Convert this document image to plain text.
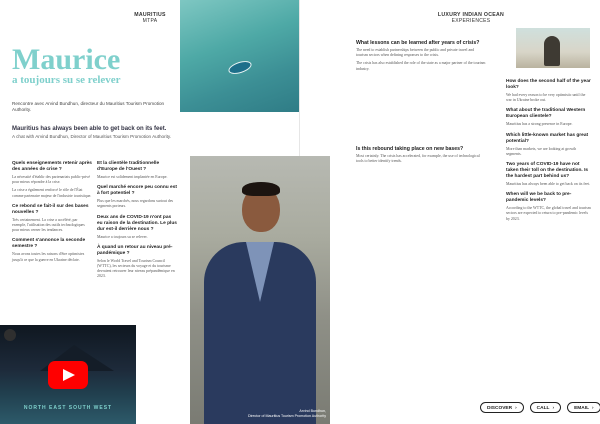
MAURITIUS
MTPA
Maurice
a toujours su se relever
Rencontre avec Arvind Bundhun, directeur du Mauritius Tourism Promotion Authority.
Mauritius has always been able to get back on its feet.
A chat with Arvind Bundhun, Director of Mauritius Tourism Promotion Authority.
Quels enseignements retenir après des années de crise ?

La nécessité d'établir des partenariats public-privé pour mieux répondre à la crise.

La crise a également renforcé le rôle de l'État comme partenaire majeur de l'industrie touristique.

Ce rebond se fait-il sur des bases nouvelles ?

Très certainement. La crise a accéléré, par exemple, l'utilisation des outils technologiques pour mieux cerner les tendances.

Comment s'annonce la seconde semestre ?

Nous avons toutes les raisons d'être optimistes jusqu'à ce que la guerre en Ukraine déclate.

Et la clientèle traditionnelle d'Europe de l'Ouest ?

Maurice est solidement implantée en Europe.

Quel marché encore peu connu est à fort potentiel ?

Plus que les marchés, nous regardons surtout des segments porteurs.

Deux ans de COVID-19 n'ont pas eu raison de la destination. Le plus dur est-il derrière nous ?

Maurice a toujours su se relever.

À quand un retour au niveau pré-pandémique ?

Selon le World Travel and Tourism Council (WTTC), les secteurs du voyage et du tourisme devraient retrouver leur niveau prépandémique en 2023.

NORTH EAST SOUTH WEST
LUXURY INDIAN OCEAN
EXPERIENCES
What lessons can be learned after years of crisis?

The need to establish partnerships between the public and private travel and tourism sectors when defining responses to the crisis.

The crisis has also established the role of the state as a major partner of the tourism industry.

Is this rebound taking place on new bases?

Most certainly. The crisis has accelerated, for example, the use of technological tools to better identify trends.

Arvind Bundhun,
Director of Mauritius Tourism Promotion Authority
How does the second half of the year look?

We had every reason to be very optimistic until the war in Ukraine broke out.

What about the traditional Western European clientele?

Mauritius has a strong presence in Europe.

Which little-known market has great potential?

More than markets, we are looking at growth segments.

Two years of COVID-19 have not taken their toll on the destination. Is the hardest part behind us?

Mauritius has always been able to get back on its feet.

When will we be back to pre-pandemic levels?

According to the WTTC, the global travel and tourism sectors are expected to return to pre-pandemic levels by 2023.

DISCOVER ›	CALL ›	EMAIL ›
